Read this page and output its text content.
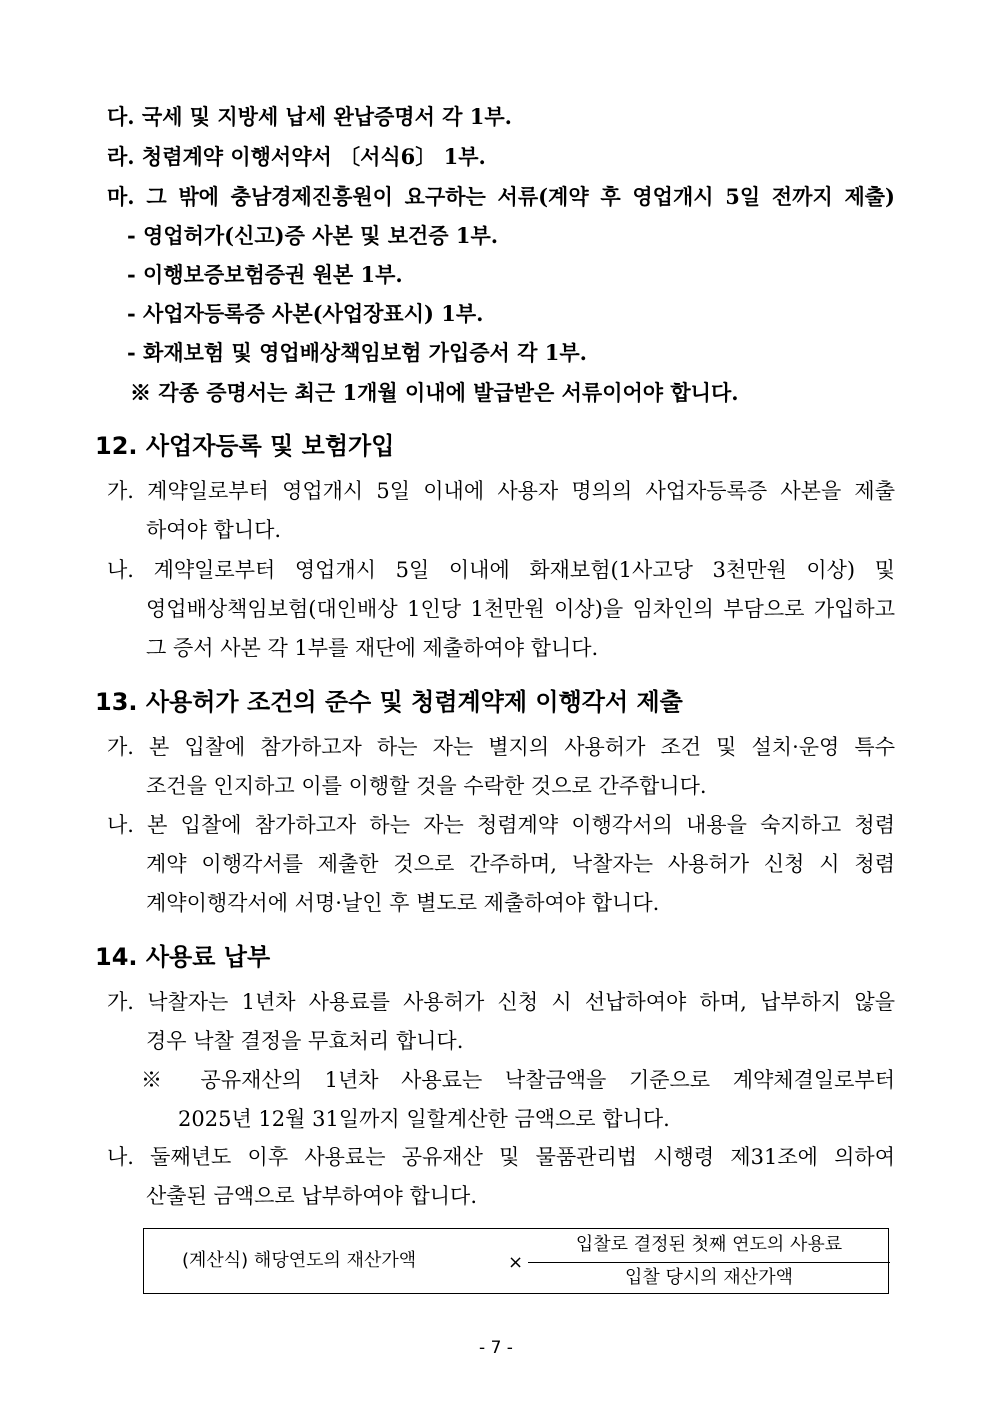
다. 국세 및 지방세 납세 완납증명서 각 1부.
라. 청렴계약 이행서약서 〔서식6〕 1부.
마. 그 밖에 충남경제진흥원이 요구하는 서류(계약 후 영업개시 5일 전까지 제출)
- 영업허가(신고)증 사본 및 보건증 1부.
- 이행보증보험증권 원본 1부.
- 사업자등록증 사본(사업장표시) 1부.
- 화재보험 및 영업배상책임보험 가입증서 각 1부.
※ 각종 증명서는 최근 1개월 이내에 발급받은 서류이어야 합니다.
12. 사업자등록 및 보험가입
가. 계약일로부터 영업개시 5일 이내에 사용자 명의의 사업자등록증 사본을 제출
하여야 합니다.
나. 계약일로부터 영업개시 5일 이내에 화재보험(1사고당 3천만원 이상) 및
영업배상책임보험(대인배상 1인당 1천만원 이상)을 임차인의 부담으로 가입하고
그 증서 사본 각 1부를 재단에 제출하여야 합니다.
13. 사용허가 조건의 준수 및 청렴계약제 이행각서 제출
가. 본 입찰에 참가하고자 하는 자는 별지의 사용허가 조건 및 설치·운영 특수
조건을 인지하고 이를 이행할 것을 수락한 것으로 간주합니다.
나. 본 입찰에 참가하고자 하는 자는 청렴계약 이행각서의 내용을 숙지하고 청렴
계약 이행각서를 제출한 것으로 간주하며, 낙찰자는 사용허가 신청 시 청렴
계약이행각서에 서명·날인 후 별도로 제출하여야 합니다.
14. 사용료 납부
가. 낙찰자는 1년차 사용료를 사용허가 신청 시 선납하여야 하며, 납부하지 않을
경우 낙찰 결정을 무효처리 합니다.
※ 공유재산의 1년차 사용료는 낙찰금액을 기준으로 계약체결일로부터
2025년 12월 31일까지 일할계산한 금액으로 합니다.
나. 둘째년도 이후 사용료는 공유재산 및 물품관리법 시행령 제31조에 의하여
산출된 금액으로 납부하여야 합니다.
(계산식) 해당연도의 재산가액	×
입찰로 결정된 첫째 연도의 사용료
입찰 당시의 재산가액
- 7 -
